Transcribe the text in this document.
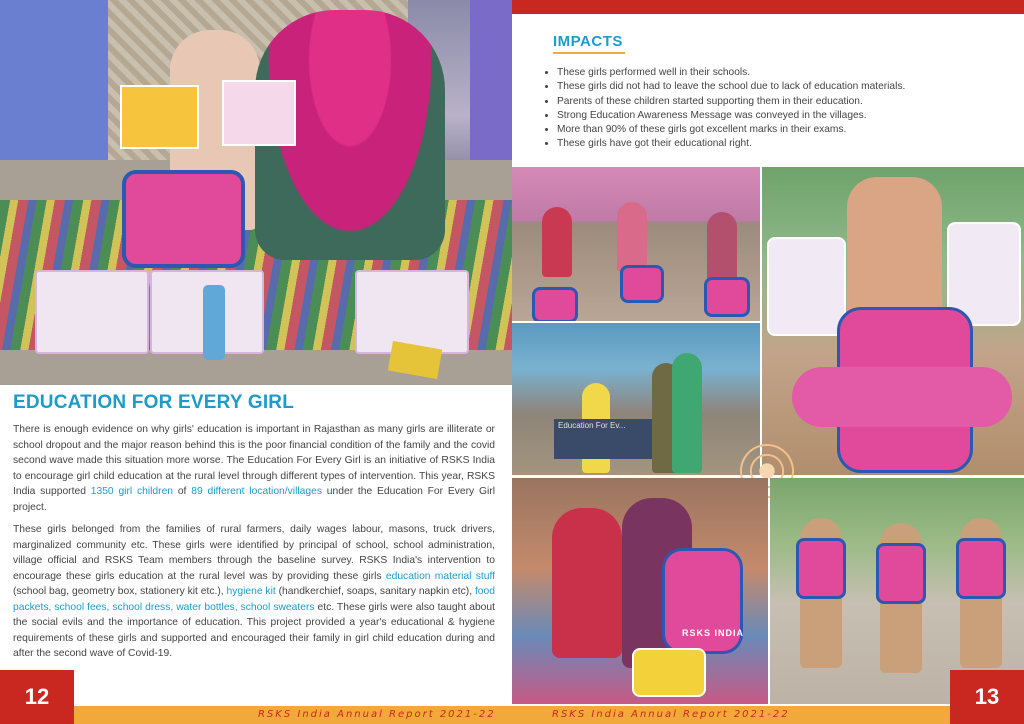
EDUCATION FOR EVERY GIRL

There is enough evidence on why girls' education is important in Rajasthan as many girls are illiterate or school dropout and the major reason behind this is the poor financial condition of the family and the covid second wave made this situation more worse. The Education For Every Girl is an initiative of RSKS India to encourage girl child education at the rural level through different types of intervention. This year, RSKS India supported 1350 girl children of 89 different location/villages under the Education For Every Girl project.

These girls belonged from the families of rural farmers, daily wages labour, masons, truck drivers, marginalized community etc. These girls were identified by principal of school, school administration, village official and RSKS Team members through the baseline survey. RSKS India's intervention to encourage these girls education at the rural level was by providing these girls education material stuff (school bag, geometry box, stationery kit etc.), hygiene kit (handkerchief, soaps, sanitary napkin etc), food packets, school fees, school dress, water bottles, school sweaters etc. These girls were also taught about the social evils and the importance of education. This project provided a year's educational & hygiene requirements of these girls and supported and encouraged their family in girl child education during and after the second wave of Covid-19.

RSKS India Annual Report 2021-22
12
IMPACTS
• These girls performed well in their schools.
• These girls did not had to leave the school due to lack of education materials.
• Parents of these children started supporting them in their education.
• Strong Education Awareness Message was conveyed in the villages.
• More than 90% of these girls got excellent marks in their exams.
• These girls have got their educational right.
Education For Ev...
RSKS INDIA
RSKS India Annual Report 2021-22
13
